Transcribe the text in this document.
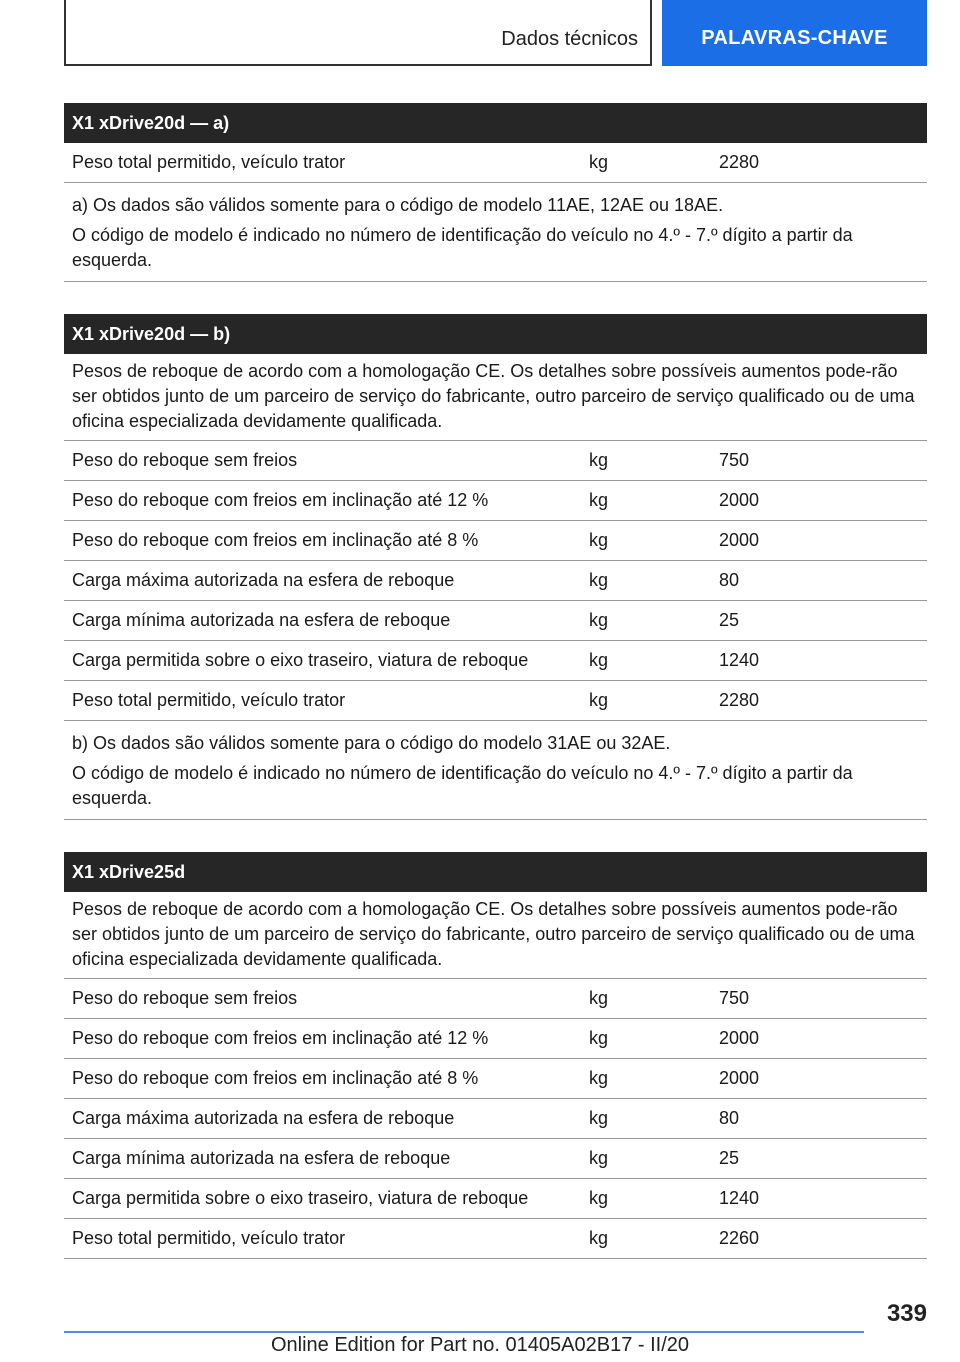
Dados técnicos	PALAVRAS-CHAVE
X1 xDrive20d — a)
Peso total permitido, veículo trator	kg	2280

a) Os dados são válidos somente para o código de modelo 11AE, 12AE ou 18AE.

O código de modelo é indicado no número de identificação do veículo no 4.º - 7.º dígito a partir da esquerda.

X1 xDrive20d — b)
Pesos de reboque de acordo com a homologação CE. Os detalhes sobre possíveis aumentos pode-rão ser obtidos junto de um parceiro de serviço do fabricante, outro parceiro de serviço qualificado ou de uma oficina especializada devidamente qualificada.
Peso do reboque sem freios	kg	750
Peso do reboque com freios em inclinação até 12 %	kg	2000
Peso do reboque com freios em inclinação até 8 %	kg	2000
Carga máxima autorizada na esfera de reboque	kg	80
Carga mínima autorizada na esfera de reboque	kg	25
Carga permitida sobre o eixo traseiro, viatura de reboque	kg	1240
Peso total permitido, veículo trator	kg	2280

b) Os dados são válidos somente para o código do modelo 31AE ou 32AE.

O código de modelo é indicado no número de identificação do veículo no 4.º - 7.º dígito a partir da esquerda.

X1 xDrive25d
Pesos de reboque de acordo com a homologação CE. Os detalhes sobre possíveis aumentos pode-rão ser obtidos junto de um parceiro de serviço do fabricante, outro parceiro de serviço qualificado ou de uma oficina especializada devidamente qualificada.
Peso do reboque sem freios	kg	750
Peso do reboque com freios em inclinação até 12 %	kg	2000
Peso do reboque com freios em inclinação até 8 %	kg	2000
Carga máxima autorizada na esfera de reboque	kg	80
Carga mínima autorizada na esfera de reboque	kg	25
Carga permitida sobre o eixo traseiro, viatura de reboque	kg	1240
Peso total permitido, veículo trator	kg	2260
339
Online Edition for Part no. 01405A02B17 - II/20
